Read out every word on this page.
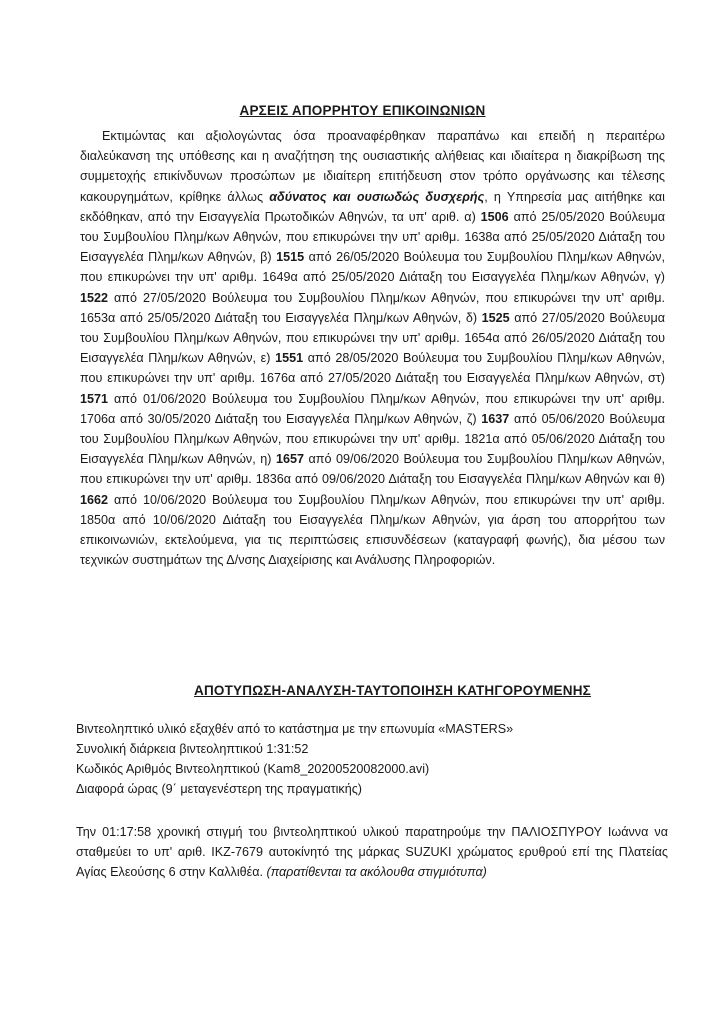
ΑΡΣΕΙΣ ΑΠΟΡΡΗΤΟΥ ΕΠΙΚΟΙΝΩΝΙΩΝ

Εκτιμώντας και αξιολογώντας όσα προαναφέρθηκαν παραπάνω και επειδή η περαιτέρω διαλεύκανση της υπόθεσης και η αναζήτηση της ουσιαστικής αλήθειας και ιδιαίτερα η διακρίβωση της συμμετοχής επικίνδυνων προσώπων με ιδιαίτερη επιτήδευση στον τρόπο οργάνωσης και τέλεσης κακουργημάτων, κρίθηκε άλλως αδύνατος και ουσιωδώς δυσχερής, η Υπηρεσία μας αιτήθηκε και εκδόθηκαν, από την Εισαγγελία Πρωτοδικών Αθηνών, τα υπ' αριθ. α) 1506 από 25/05/2020 Βούλευμα του Συμβουλίου Πλημ/κων Αθηνών, που επικυρώνει την υπ' αριθμ. 1638α από 25/05/2020 Διάταξη του Εισαγγελέα Πλημ/κων Αθηνών, β) 1515 από 26/05/2020 Βούλευμα του Συμβουλίου Πλημ/κων Αθηνών, που επικυρώνει την υπ' αριθμ. 1649α από 25/05/2020 Διάταξη του Εισαγγελέα Πλημ/κων Αθηνών, γ) 1522 από 27/05/2020 Βούλευμα του Συμβουλίου Πλημ/κων Αθηνών, που επικυρώνει την υπ' αριθμ. 1653α από 25/05/2020 Διάταξη του Εισαγγελέα Πλημ/κων Αθηνών, δ) 1525 από 27/05/2020 Βούλευμα του Συμβουλίου Πλημ/κων Αθηνών, που επικυρώνει την υπ' αριθμ. 1654α από 26/05/2020 Διάταξη του Εισαγγελέα Πλημ/κων Αθηνών, ε) 1551 από 28/05/2020 Βούλευμα του Συμβουλίου Πλημ/κων Αθηνών, που επικυρώνει την υπ' αριθμ. 1676α από 27/05/2020 Διάταξη του Εισαγγελέα Πλημ/κων Αθηνών, στ) 1571 από 01/06/2020 Βούλευμα του Συμβουλίου Πλημ/κων Αθηνών, που επικυρώνει την υπ' αριθμ. 1706α από 30/05/2020 Διάταξη του Εισαγγελέα Πλημ/κων Αθηνών, ζ) 1637 από 05/06/2020 Βούλευμα του Συμβουλίου Πλημ/κων Αθηνών, που επικυρώνει την υπ' αριθμ. 1821α από 05/06/2020 Διάταξη του Εισαγγελέα Πλημ/κων Αθηνών, η) 1657 από 09/06/2020 Βούλευμα του Συμβουλίου Πλημ/κων Αθηνών, που επικυρώνει την υπ' αριθμ. 1836α από 09/06/2020 Διάταξη του Εισαγγελέα Πλημ/κων Αθηνών και θ) 1662 από 10/06/2020 Βούλευμα του Συμβουλίου Πλημ/κων Αθηνών, που επικυρώνει την υπ' αριθμ. 1850α από 10/06/2020 Διάταξη του Εισαγγελέα Πλημ/κων Αθηνών, για άρση του απορρήτου των επικοινωνιών, εκτελούμενα, για τις περιπτώσεις επισυνδέσεων (καταγραφή φωνής), δια μέσου των τεχνικών συστημάτων της Δ/νσης Διαχείρισης και Ανάλυσης Πληροφοριών.

ΑΠΟΤΥΠΩΣΗ-ΑΝΑΛΥΣΗ-ΤΑΥΤΟΠΟΙΗΣΗ ΚΑΤΗΓΟΡΟΥΜΕΝΗΣ
Βιντεοληπτικό υλικό εξαχθέν από το κατάστημα με την επωνυμία «MASTERS»
Συνολική διάρκεια βιντεοληπτικού 1:31:52
Κωδικός Αριθμός Βιντεοληπτικού (Kam8_20200520082000.avi)
Διαφορά ώρας (9΄ μεταγενέστερη της πραγματικής)

Την 01:17:58 χρονική στιγμή του βιντεοληπτικού υλικού παρατηρούμε την ΠΑΛΙΟΣΠΥΡΟΥ Ιωάννα να σταθμεύει το υπ' αριθ. ΙΚΖ-7679 αυτοκίνητό της μάρκας SUZUKI χρώματος ερυθρού επί της Πλατείας Αγίας Ελεούσης 6 στην Καλλιθέα. (παρατίθενται τα ακόλουθα στιγμιότυπα)
